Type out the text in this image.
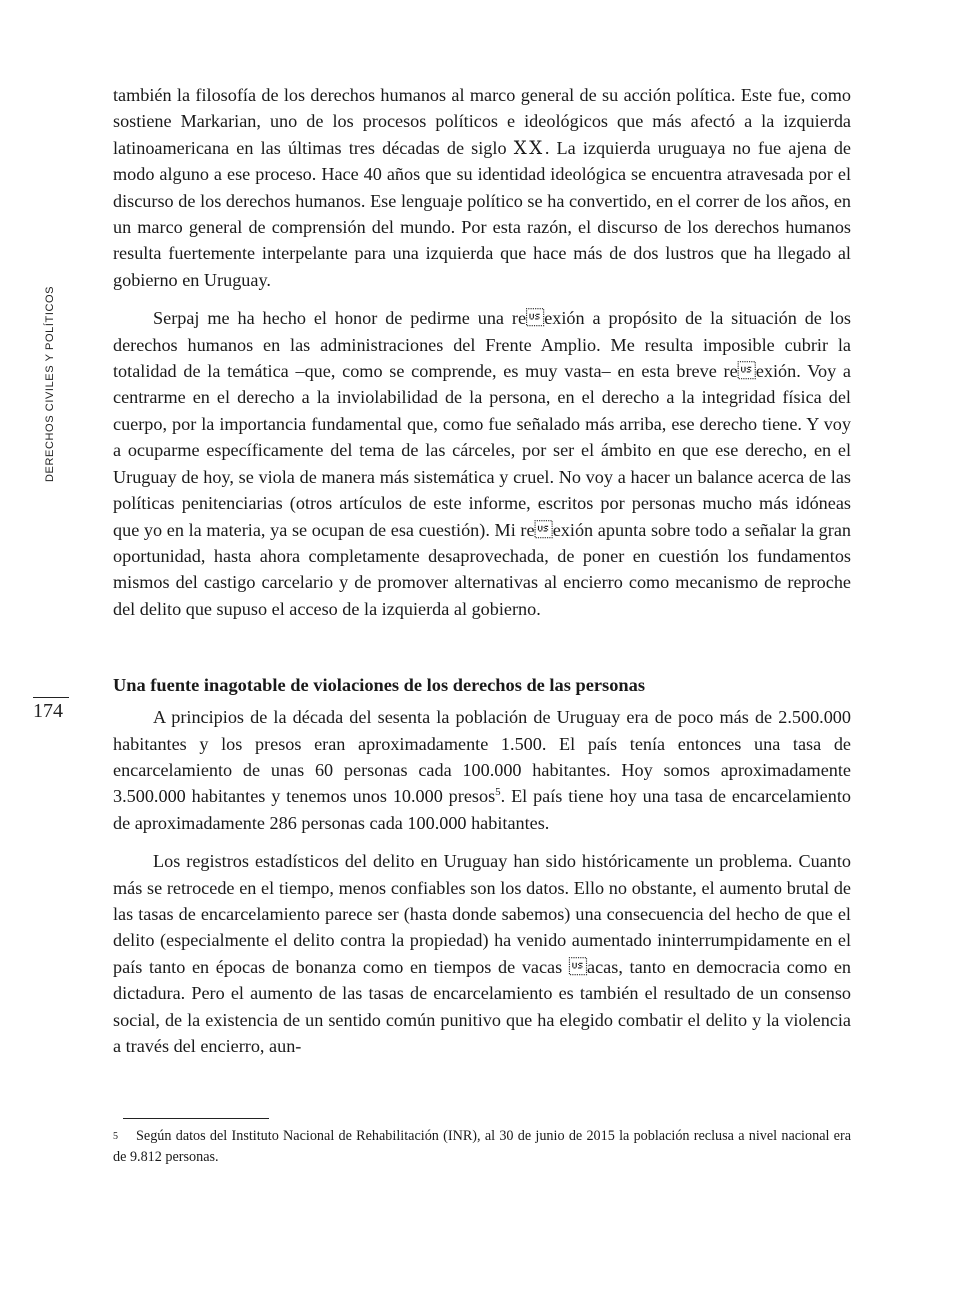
DERECHOS CIVILES Y POLÍTICOS
174

también la filosofía de los derechos humanos al marco general de su acción política. Este fue, como sostiene Markarian, uno de los procesos políticos e ideológicos que más afectó a la izquierda latinoamericana en las últimas tres décadas de siglo ⅩⅩ. La izquierda uruguaya no fue ajena de modo alguno a ese proceso. Hace 40 años que su identidad ideológica se encuentra atravesada por el discurso de los derechos humanos. Ese lenguaje político se ha convertido, en el correr de los años, en un marco general de comprensión del mundo. Por esta razón, el discurso de los derechos humanos resulta fuertemente interpelante para una izquierda que hace más de dos lustros que ha llegado al gobierno en Uruguay.

Serpaj me ha hecho el honor de pedirme una reexión a propósito de la situación de los derechos humanos en las administraciones del Frente Amplio. Me resulta imposible cubrir la totalidad de la temática –que, como se comprende, es muy vasta– en esta breve reexión. Voy a centrarme en el derecho a la inviolabilidad de la persona, en el derecho a la integridad física del cuerpo, por la importancia fundamental que, como fue señalado más arriba, ese derecho tiene. Y voy a ocuparme específicamente del tema de las cárceles, por ser el ámbito en que ese derecho, en el Uruguay de hoy, se viola de manera más sistemática y cruel. No voy a hacer un balance acerca de las políticas penitenciarias (otros artículos de este informe, escritos por personas mucho más idóneas que yo en la materia, ya se ocupan de esa cuestión). Mi reexión apunta sobre todo a señalar la gran oportunidad, hasta ahora completamente desaprovechada, de poner en cuestión los fundamentos mismos del castigo carcelario y de promover alternativas al encierro como mecanismo de reproche del delito que supuso el acceso de la izquierda al gobierno.

Una fuente inagotable de violaciones de los derechos de las personas

A principios de la década del sesenta la población de Uruguay era de poco más de 2.500.000 habitantes y los presos eran aproximadamente 1.500. El país tenía entonces una tasa de encarcelamiento de unas 60 personas cada 100.000 habitantes. Hoy somos aproximadamente 3.500.000 habitantes y tenemos unos 10.000 presos$^5$. El país tiene hoy una tasa de encarcelamiento de aproximadamente 286 personas cada 100.000 habitantes.

Los registros estadísticos del delito en Uruguay han sido históricamente un problema. Cuanto más se retrocede en el tiempo, menos confiables son los datos. Ello no obstante, el aumento brutal de las tasas de encarcelamiento parece ser (hasta donde sabemos) una consecuencia del hecho de que el delito (especialmente el delito contra la propiedad) ha venido aumentado ininterrumpidamente en el país tanto en épocas de bonanza como en tiempos de vacas acas, tanto en democracia como en dictadura. Pero el aumento de las tasas de encarcelamiento es también el resultado de un consenso social, de la existencia de un sentido común punitivo que ha elegido combatir el delito y la violencia a través del encierro, aun-

$^5$ Según datos del Instituto Nacional de Rehabilitación (INR), al 30 de junio de 2015 la población reclusa a nivel nacional era de 9.812 personas.
